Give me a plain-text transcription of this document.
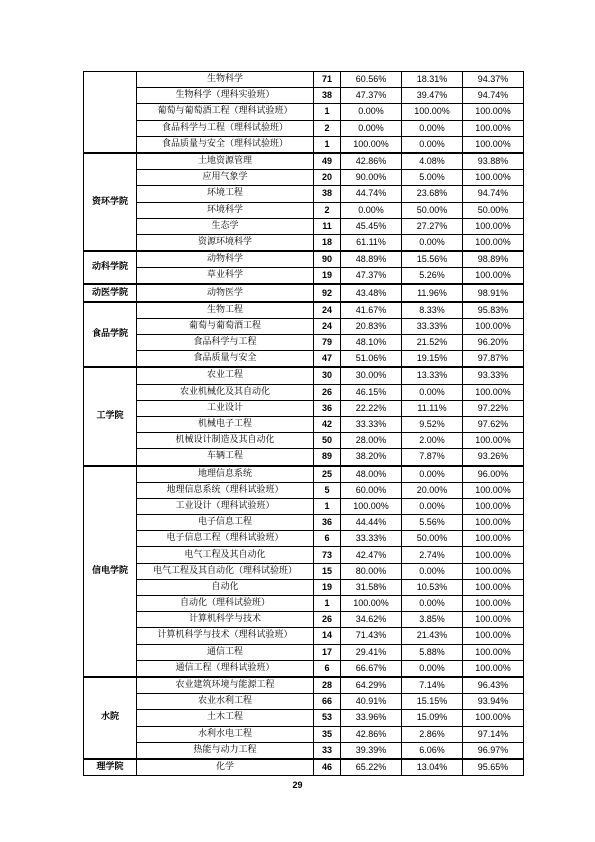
	生物科学	71	60.56%	18.31%	94.37%
	生物科学（理科实验班）	38	47.37%	39.47%	94.74%
	葡萄与葡萄酒工程（理科试验班）	1	0.00%	100.00%	100.00%
	食品科学与工程（理科试验班）	2	0.00%	0.00%	100.00%
	食品质量与安全（理科试验班）	1	100.00%	0.00%	100.00%
资环学院	土地资源管理	49	42.86%	4.08%	93.88%
	应用气象学	20	90.00%	5.00%	100.00%
	环境工程	38	44.74%	23.68%	94.74%
	环境科学	2	0.00%	50.00%	50.00%
	生态学	11	45.45%	27.27%	100.00%
	资源环境科学	18	61.11%	0.00%	100.00%
动科学院	动物科学	90	48.89%	15.56%	98.89%
	草业科学	19	47.37%	5.26%	100.00%
动医学院	动物医学	92	43.48%	11.96%	98.91%
食品学院	生物工程	24	41.67%	8.33%	95.83%
	葡萄与葡萄酒工程	24	20.83%	33.33%	100.00%
	食品科学与工程	79	48.10%	21.52%	96.20%
	食品质量与安全	47	51.06%	19.15%	97.87%
工学院	农业工程	30	30.00%	13.33%	93.33%
	农业机械化及其自动化	26	46.15%	0.00%	100.00%
	工业设计	36	22.22%	11.11%	97.22%
	机械电子工程	42	33.33%	9.52%	97.62%
	机械设计制造及其自动化	50	28.00%	2.00%	100.00%
	车辆工程	89	38.20%	7.87%	93.26%
信电学院	地理信息系统	25	48.00%	0.00%	96.00%
	地理信息系统（理科试验班）	5	60.00%	20.00%	100.00%
	工业设计（理科试验班）	1	100.00%	0.00%	100.00%
	电子信息工程	36	44.44%	5.56%	100.00%
	电子信息工程（理科试验班）	6	33.33%	50.00%	100.00%
	电气工程及其自动化	73	42.47%	2.74%	100.00%
	电气工程及其自动化（理科试验班）	15	80.00%	0.00%	100.00%
	自动化	19	31.58%	10.53%	100.00%
	自动化（理科试验班）	1	100.00%	0.00%	100.00%
	计算机科学与技术	26	34.62%	3.85%	100.00%
	计算机科学与技术（理科试验班）	14	71.43%	21.43%	100.00%
	通信工程	17	29.41%	5.88%	100.00%
	通信工程（理科试验班）	6	66.67%	0.00%	100.00%
水院	农业建筑环境与能源工程	28	64.29%	7.14%	96.43%
	农业水利工程	66	40.91%	15.15%	93.94%
	土木工程	53	33.96%	15.09%	100.00%
	水利水电工程	35	42.86%	2.86%	97.14%
	热能与动力工程	33	39.39%	6.06%	96.97%
理学院	化学	46	65.22%	13.04%	95.65%
29
